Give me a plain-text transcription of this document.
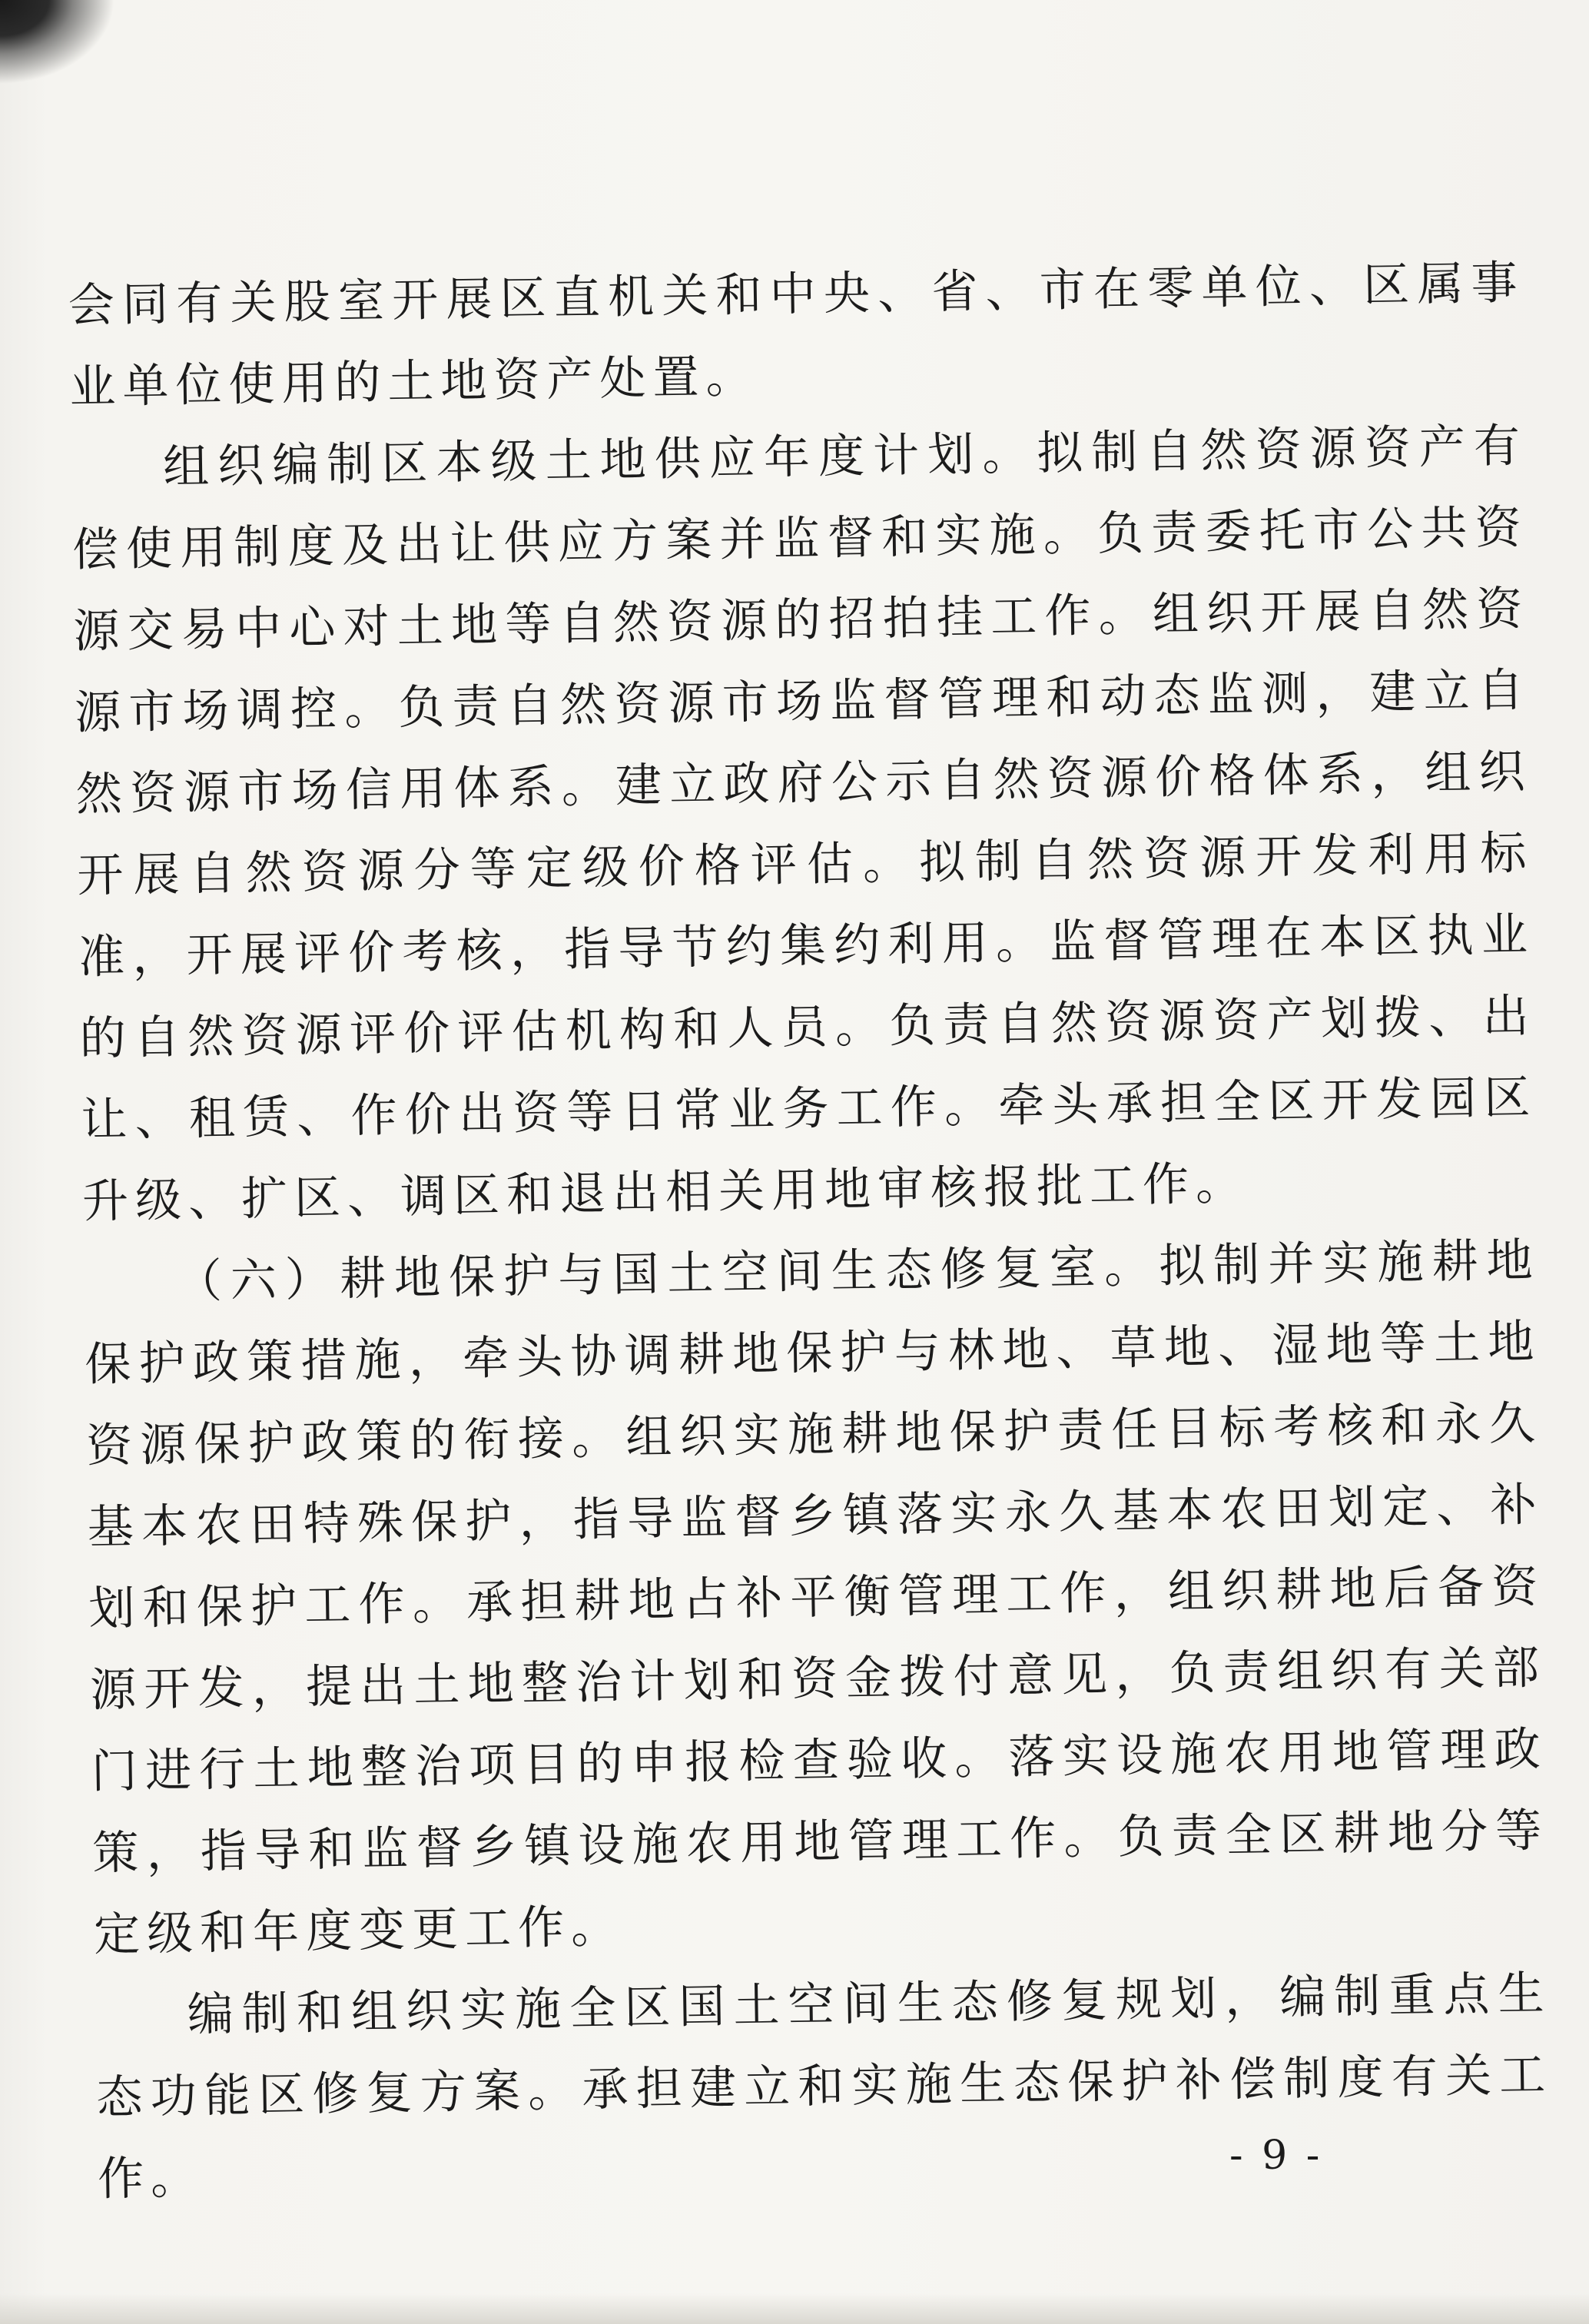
会同有关股室开展区直机关和中央、省、市在零单位、区属事业单位使用的土地资产处置。

组织编制区本级土地供应年度计划。拟制自然资源资产有偿使用制度及出让供应方案并监督和实施。负责委托市公共资源交易中心对土地等自然资源的招拍挂工作。组织开展自然资源市场调控。负责自然资源市场监督管理和动态监测，建立自然资源市场信用体系。建立政府公示自然资源价格体系，组织开展自然资源分等定级价格评估。拟制自然资源开发利用标准，开展评价考核，指导节约集约利用。监督管理在本区执业的自然资源评价评估机构和人员。负责自然资源资产划拨、出让、租赁、作价出资等日常业务工作。牵头承担全区开发园区升级、扩区、调区和退出相关用地审核报批工作。

（六）耕地保护与国土空间生态修复室。拟制并实施耕地保护政策措施，牵头协调耕地保护与林地、草地、湿地等土地资源保护政策的衔接。组织实施耕地保护责任目标考核和永久基本农田特殊保护，指导监督乡镇落实永久基本农田划定、补划和保护工作。承担耕地占补平衡管理工作，组织耕地后备资源开发，提出土地整治计划和资金拨付意见，负责组织有关部门进行土地整治项目的申报检查验收。落实设施农用地管理政策，指导和监督乡镇设施农用地管理工作。负责全区耕地分等定级和年度变更工作。

编制和组织实施全区国土空间生态修复规划，编制重点生态功能区修复方案。承担建立和实施生态保护补偿制度有关工作。	- 9 -
